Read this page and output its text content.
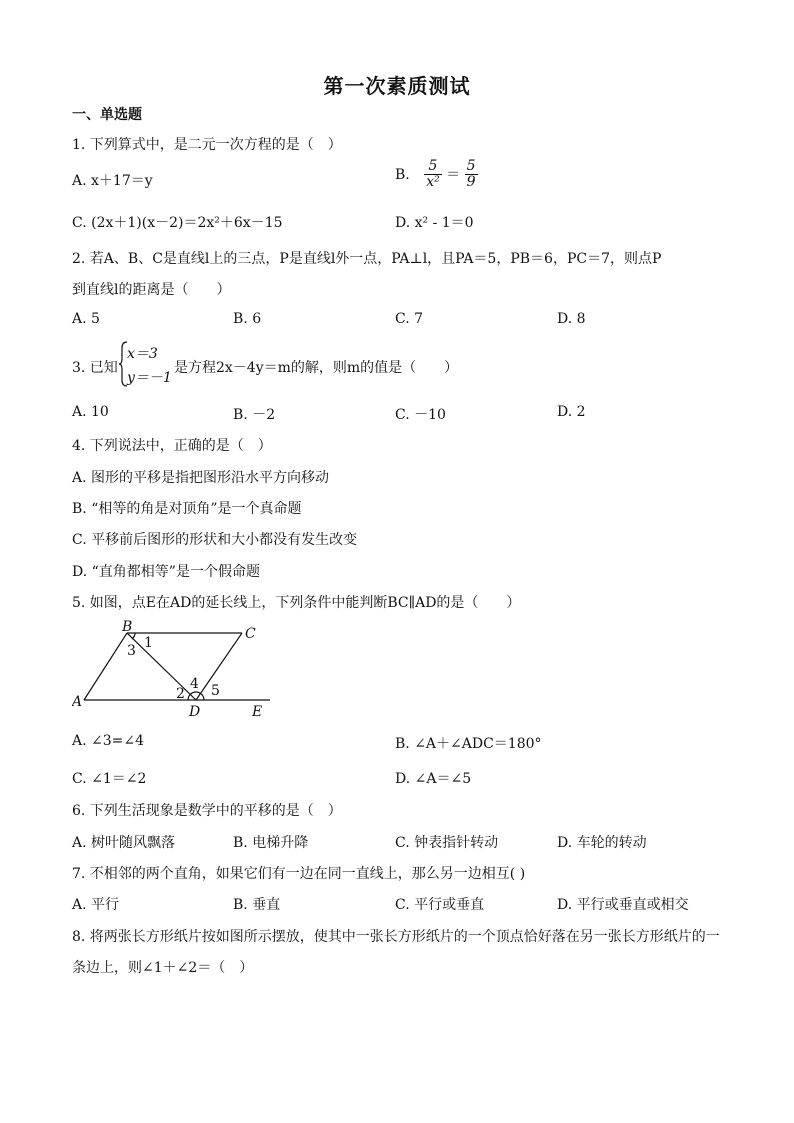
第一次素质测试
一、单选题
1. 下列算式中，是二元一次方程的是（　）
A. x＋17＝y	B. $\frac{5}{\text{x²}} = \frac{5}{9}$
C. (2x＋1)(x－2)＝2x²＋6x－15	D. x² - 1＝0
2. 若A、B、C是直线l上的三点，P是直线l外一点，PA⊥l，且PA＝5，PB＝6，PC＝7，则点P
到直线l的距离是（　　）
A. 5	B. 6	C. 7	D. 8
3. 已知
x＝3
y＝－1
是方程2x－4y＝m的解，则m的值是（　　）
A. 10	B. －2	C. －10	D. 2
4. 下列说法中，正确的是（　）
A. 图形的平移是指把图形沿水平方向移动
B. “相等的角是对顶角”是一个真命题
C. 平移前后图形的形状和大小都没有发生改变
D. “直角都相等”是一个假命题
5. 如图，点E在AD的延长线上，下列条件中能判断BC∥AD的是（　　）
B	C
A
D	E
1
3
4
2 5
A. ∠3=∠4	B. ∠A＋∠ADC＝180°
C. ∠1＝∠2	D. ∠A＝∠5
6. 下列生活现象是数学中的平移的是（　）
A. 树叶随风飘落	B. 电梯升降	C. 钟表指针转动	D. 车轮的转动
7. 不相邻的两个直角，如果它们有一边在同一直线上，那么另一边相互( )
A. 平行	B. 垂直	C. 平行或垂直	D. 平行或垂直或相交
8. 将两张长方形纸片按如图所示摆放，使其中一张长方形纸片的一个顶点恰好落在另一张长方形纸片的一
条边上，则∠1＋∠2＝（　）
